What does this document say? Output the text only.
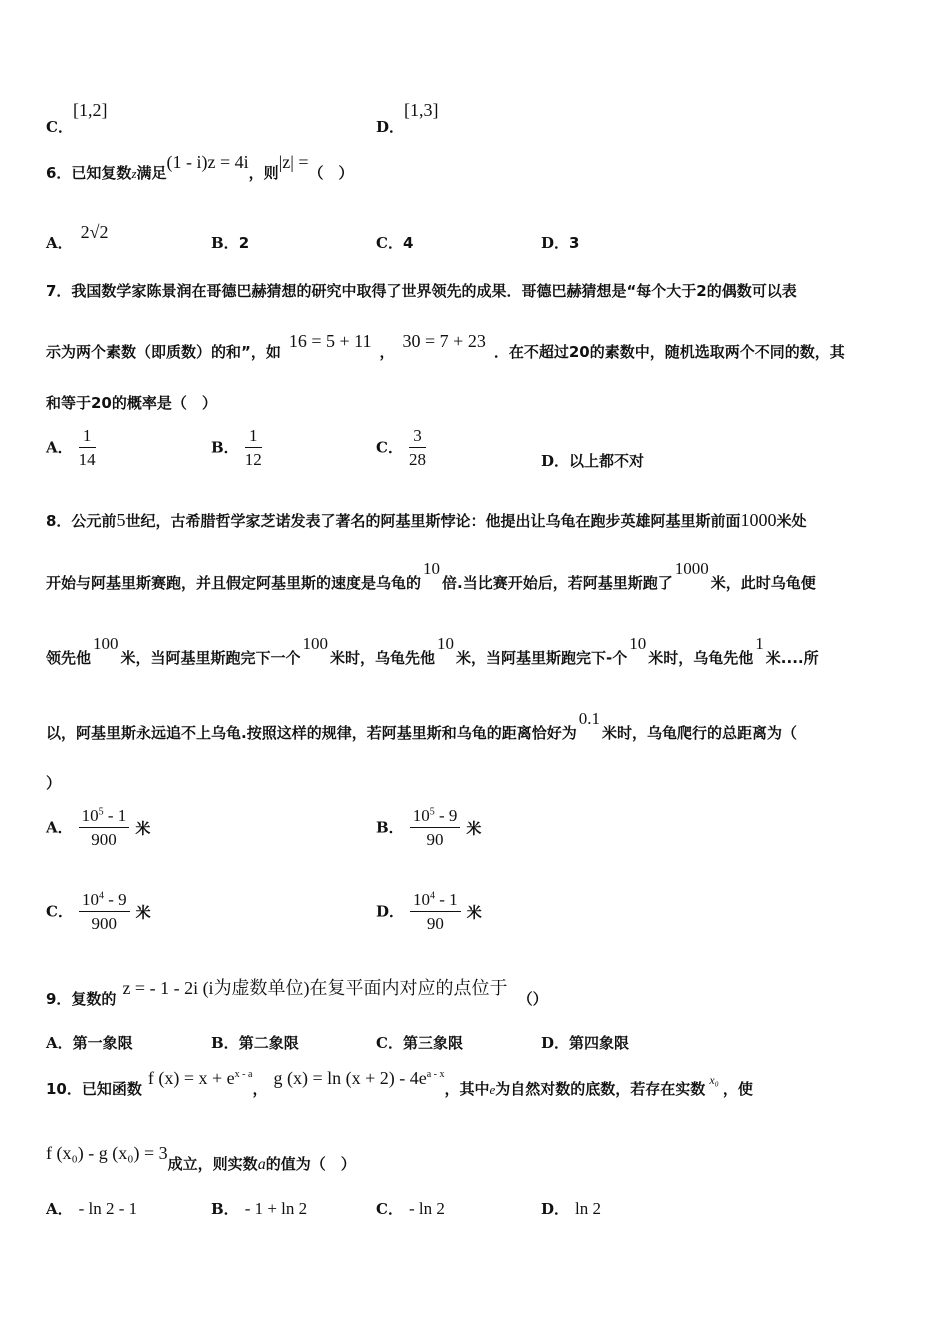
C．[1,2]
D．[1,3]
6．已知复数z满足(1 - i)z = 4i，则|z| =（　）
A．2√2
B．2	C．4	D．3
7．我国数学家陈景润在哥德巴赫猜想的研究中取得了世界领先的成果．哥德巴赫猜想是“每个大于2的偶数可以表
示为两个素数（即质数）的和”，如16 = 5 + 11，30 = 7 + 23．在不超过20的素数中，随机选取两个不同的数，其
和等于20的概率是（　）
A． $\frac{1}{14}$	B． $\frac{1}{12}$	C． $\frac{3}{28}$	D．以上都不对
8．公元前5世纪，古希腊哲学家芝诺发表了著名的阿基里斯悖论：他提出让乌龟在跑步英雄阿基里斯前面1000米处
开始与阿基里斯赛跑，并且假定阿基里斯的速度是乌龟的10倍.当比赛开始后，若阿基里斯跑了1000米，此时乌龟便
领先他100米，当阿基里斯跑完下一个100米时，乌龟先他10米，当阿基里斯跑完下-个10米时，乌龟先他1米....所
以，阿基里斯永远追不上乌龟.按照这样的规律，若阿基里斯和乌龟的距离恰好为0.1米时，乌龟爬行的总距离为（
）
A． $\frac{10^5 - 1}{900}$ 米	B． $\frac{10^5 - 9}{90}$ 米
C． $\frac{10^4 - 9}{900}$ 米	D． $\frac{10^4 - 1}{90}$ 米
9．复数的z = - 1 - 2i (i为虚数单位)在复平面内对应的点位于（）
A．第一象限	B．第二象限	C．第三象限	D．第四象限
10．已知函数f $(x) = x + e^{x - a}$，g $(x) = \ln (x + 2) - 4e^{a - x}$，其中e为自然对数的底数，若存在实数 $^{x_0}$ ，使
f (x₀) - g (x₀) = 3成立，则实数a的值为（　）
A． - ln 2 - 1	B． - 1 + ln 2	C． - ln 2	D． ln 2
